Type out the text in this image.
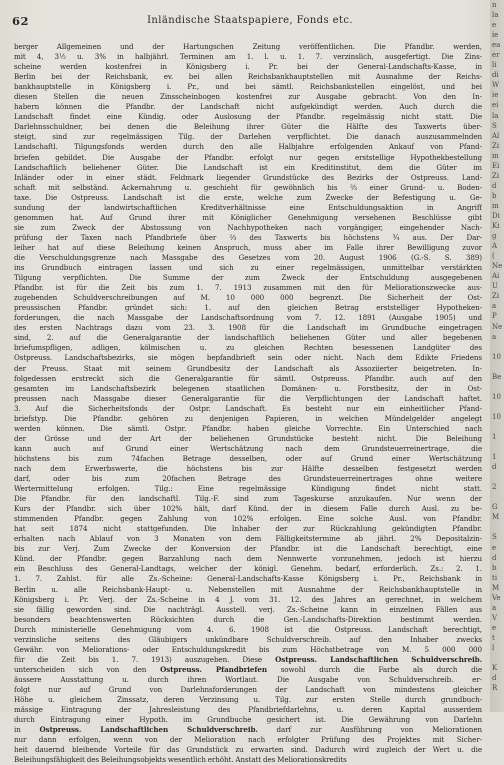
62	Inländische Staatspapiere, Fonds etc.
berger Allgemeinen und der Hartungschen Zeitung veröffentlichen. Die Pfandbr. werden,
mit 4, 3½ u. 3% in halbjährl. Terminen am 1. l. u. 1. 7. verzinslich, ausgefertigt. Die Zins-
scheine werden kostenfrei in Königsberg i. Pr. bei der General-Landschafts-Kasse, in
Berlin bei der Reichsbank, ev. bei allen Reichsbankhauptstellen mit Ausnahme der Reichs-
bankhauptstelle in Königsberg i. Pr., und bei sämtl. Reichsbankstellen eingelöst, und bei
diesen Stellen die neuen Zinsscheinbogen kostenfrei zur Ausgabe gebracht. Von den In-
habern können die Pfandbr. der Landschaft nicht aufgekündigt werden. Auch durch die
Landschaft findet eine Kündig. oder Auslosung der Pfandbr. regelmässig nicht statt. Die
Darlehnsschuldner, bei denen die Beleihung ihrer Güter die Hälfte des Taxwerts über-
steigt, sind zur regelmässigen Tilg. der Darlehen verpflichtet. Die danach auszusammelnden
Landschaftl. Tilgungsfonds werden durch den alle Halbjahre erfolgenden Ankauf von Pfand-
briefen gebildet. Die Ausgabe der Pfandbr. erfolgt nur gegen erststellige Hypothekbestellung
Landschaftlich beliehener Güter. Die Landschaft ist ein Kreditinstitut, dem die Güter im
Inländer oder in einer städt. Feldmark liegender Grundstücke des Bezirks der Ostpreuss. Land-
schaft mit selbständ. Ackernahrung u. geschieht für gewöhnlich bis ⅔ einer Grund- u. Boden-
taxe. Die Ostpreuss. Landschaft ist die erste, welche zum Zwecke der Befestigung u. Ge-
sundung der landwirtschaftlichen Kreditverhältnisse eine Entschuldungsaktion in Angriff
genommen hat. Auf Grund ihrer mit Königlicher Genehmigung versehenen Beschlüsse gibt
sie zum Zweck der Abstossung von Nachhypotheken nach vorgängiger, eingehender Nach-
prüfung der Taxen nach Pfandbriefe über ⅔ des Taxwerts bis höchstens ¾ aus. Der Dar-
leiher hat auf diese Beleihung keinen Anspruch, muss aber im Falle ihrer Bewilligung zuvor
die Verschuldungsgrenze nach Massgabe des Gesetzes vom 20. August 1906 (G.-S. S. 389)
ins Grundbuch eintragen lassen und sich zu einer regelmässigen, unmittelbar verstärkten
Tilgung verpflichten. Die Summe der zum Zweck der Entschuldung ausgegebenen
Pfandbr. ist für die Zeit bis zum 1. 7. 1913 zusammen mit den für Meliorationszwecke aus-
zugebenden Schuldverschreibungen auf M. 10 000 000 begrenzt. Die Sicherheit der Ost-
preussischen Pfandbr. gründet sich: 1. auf den gleichen Betrag erststelliger Hypotheken-
forderungen, die nach Massgabe der Landschaftsordnung vom 7. 12. 1891 (Ausgabe 1905) und
des ersten Nachtrags dazu vom 23. 3. 1908 für die Landschaft im Grundbuche eingetragen
sind, 2. auf die Generalgarantie der landschaftlich beliehenen Güter und aller begebenen
briefumspfligen, adligen, kölmischen u. zu gleichen Rechten besessenen Landgüter des
Ostpreuss. Landschaftsbezirks, sie mögen bepfandbrieft sein oder nicht. Nach dem Edikte Friedens
der Preuss. Staat mit seinem Grundbesitz der Landschaft als Assoziierter beigetreten. In-
folgedessen erstreckt sich die Generalgarantie für sämtl. Ostpreuss. Pfandbr. auch auf den
gesamten im Landschaftsbezirk belegenen staatlichen Domänen- u. Forstbesitz, der in Ost-
preussen nach Massgabe dieser Generalgarantie für die Verpflichtungen der Landschaft haftet.
3. Auf die Sicherheitsfonds der Ostpr. Landschaft. Es besteht nur ein einheitlicher Pfand-
briefstyp. Die Pfandbr. gehören zu denjenigen Papieren, in welchen Mündelgelder angelegt
werden können. Die sämtl. Ostpr. Pfandbr. haben gleiche Vorrechte. Ein Unterschied nach
der Grösse und der Art der beliehenen Grundstücke besteht nicht. Die Beleihung
kann auch auf Grund einer Wertschätzung nach dem Grundsteuerreinertrage, die
höchstens bis zum 74fachen Betrage desselben, oder auf Grund einer Wertschätzung
nach dem Erwerbswerte, die höchstens bis zur Hälfte desselben festgesetzt werden
darf, oder bis zum 20fachen Betrage des Grundsteuerreinertrages ohne weitere
Wertermittelung erfolgen. Tilg.: Eine regelmässige Kündigung findet nicht statt.
Die Pfandbr. für den landschaftl. Tilg.-F. sind zum Tageskurse anzukaufen. Nur wenn der
Kurs der Pfandbr. sich über 102% hält, darf Künd. der in diesem Falle durch Ausl. zu be-
stimmenden Pfandbr. gegen Zahlung von 102% erfolgen. Eine solche Ausl. von Pfandbr.
hat seit 1874 nicht stattgefunden. Die Inhaber der zur Rückzahlung gekündigten Pfandbr.
erhalten nach Ablauf von 3 Monaten von dem Fälligkeitstermine ab jährl. 2% Depositalzin-
bis zur Verj. Zum Zwecke der Konversion der Pfandbr. ist die Landschaft berechtigt, eine
Künd. der Pfandbr. gegen Barzahlung nach dem Nennwerte vorzunehmen, jedoch ist hierzu
ein Beschluss des General-Landtags, welcher der königl. Genehm. bedarf, erforderlich. Zs.: 2. 1.
1. 7. Zahlst. für alle Zs.-Scheine: General-Landschafts-Kasse Königsberg i. Pr., Reichsbank in
Berlin u. alle Reichsbank-Haupt- u. Nebenstellen mit Ausnahme der Reichsbankhauptstelle in
Königsberg i. Pr. Verj. der Zs.-Scheine in 4 J. vom 31. 12. des Jahres an gerechnet, in welchem
sie fällig geworden sind. Die nachträgl. Ausstell. verj. Zs.-Scheine kann in einzelnen Fällen aus
besonders beachtenswerten Rücksichten durch die Gen.-Landschafts-Direktion bestimmt werden.
Durch ministerielle Genehmigung vom 4. 6. 1908 ist die Ostpreuss. Landschaft berechtigt,
verzinsliche seitens des Gläubigers unkündbare Schuldverschreib. auf den Inhaber zwecks
Gewähr. von Meliorations- oder Entschuldungskredit bis zum Höchstbetrage von M. 5 000 000
für die Zeit bis 1. 7. 1913) auszugeben. Diese Ostpreuss. Landschaftlichen Schuldverschreib.
unterscheiden sich von den Ostpreuss. Pfandbriefen sowohl durch die Farbe als durch die
äussere Ausstattung u. durch ihren Wortlaut. Die Ausgabe von Schuldverschreib. er-
folgt nur auf Grund von Darlehnsforderungen der Landschaft von mindestens gleicher
Höhe u. gleichem Zinssatz, deren Verzinsung u. Tilg. zur ersten Stelle durch grundbuch-
mässige Eintragung der Jahresleistung des Pfandbriefdarlehns, u. deren Kapital ausserdem
durch Eintragung einer Hypoth. im Grundbuche gesichert ist. Die Gewährung von Darlehn
in Ostpreuss. Landschaftlichen Schuldverschreib. darf zur Ausführung von Meliorationen
nur dann erfolgen, wenn von der Melioration nach erfolgter Prüfung des Projektes mit Sicher-
heit dauernd bleibende Vorteile für das Grundstück zu erwarten sind. Dadurch wird zugleich der Wert u. die
Beleihungsfähigkeit des Beleihungsobjekts wesentlich erhöht. Anstatt des Meliorationskredits
n
la
e
ie
ea
er
li
di
W
ie
ei
la
S
Al
Zi
m
Ei
Zi
d
b
m
Di
Ki
g
A
(
Ne
Ai
U
Zi
a
P
Ne
a

10

Be

10

10

1

1
d

2

G
M

S
e
d
b
ti
M
Ve
a
V
e
t
l

K
d
R
